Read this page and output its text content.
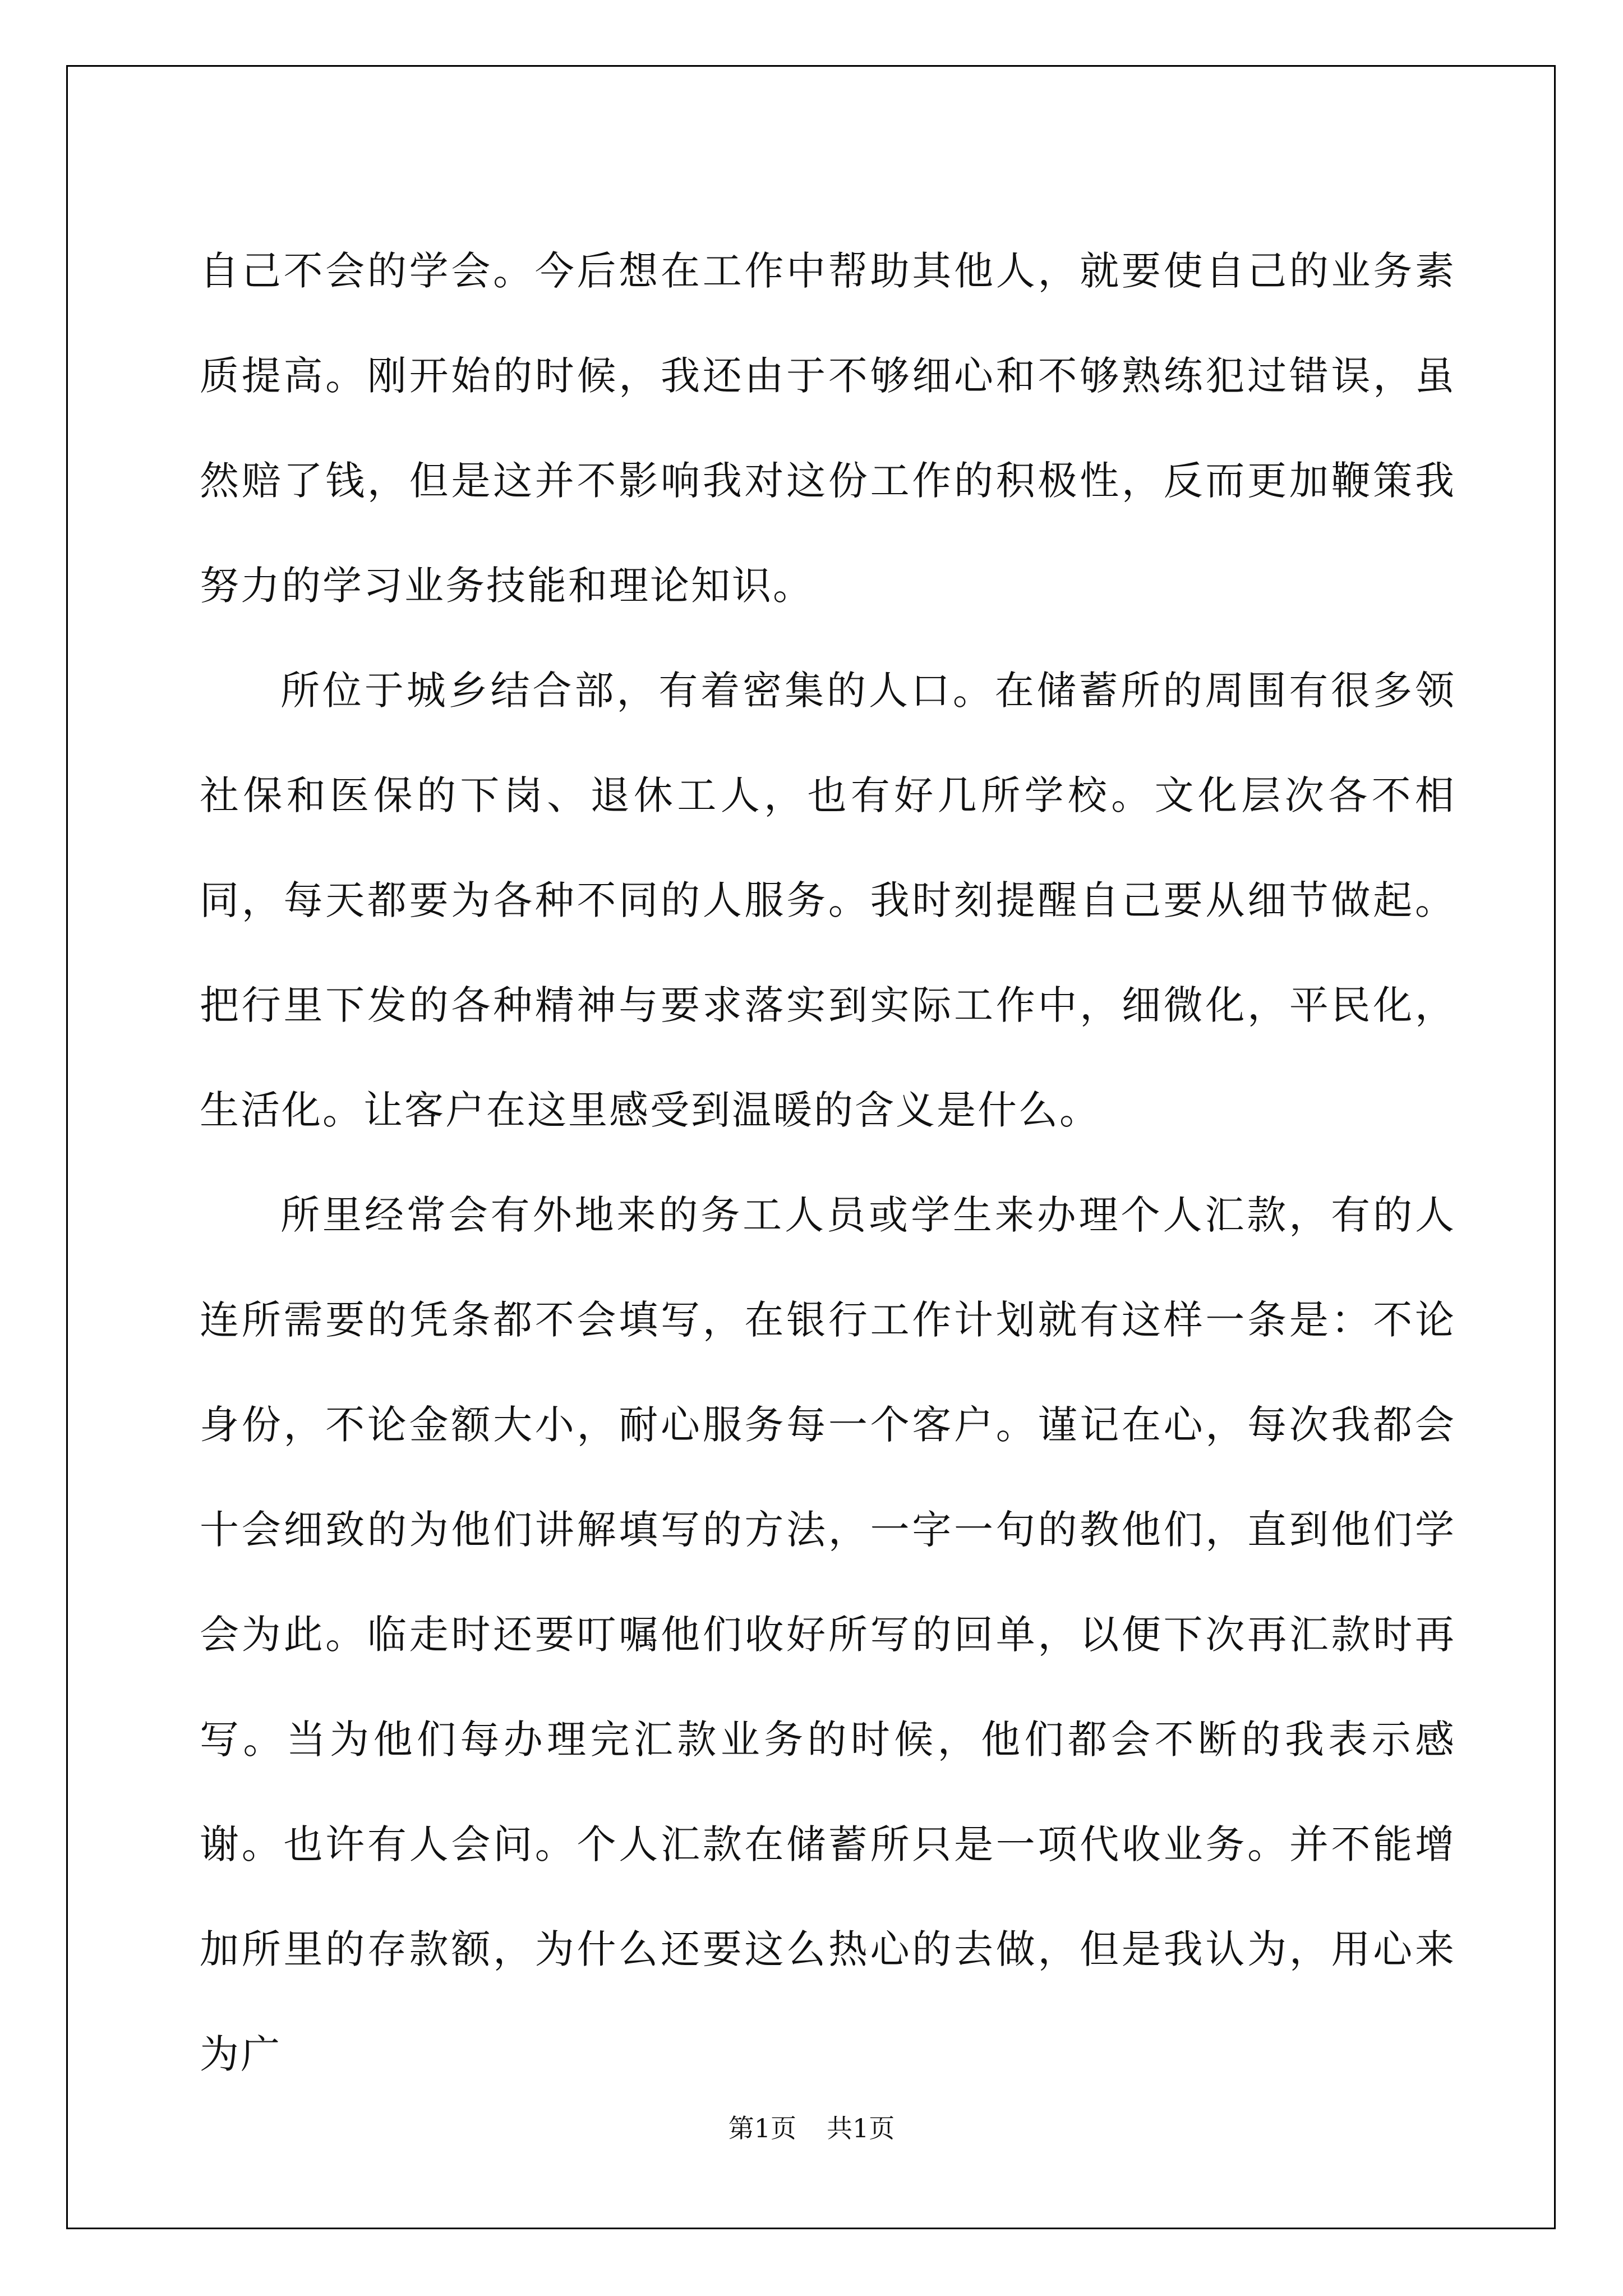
自己不会的学会。今后想在工作中帮助其他人，就要使自己的业务素质提高。刚开始的时候，我还由于不够细心和不够熟练犯过错误，虽然赔了钱，但是这并不影响我对这份工作的积极性，反而更加鞭策我努力的学习业务技能和理论知识。

所位于城乡结合部，有着密集的人口。在储蓄所的周围有很多领社保和医保的下岗、退休工人，也有好几所学校。文化层次各不相同，每天都要为各种不同的人服务。我时刻提醒自己要从细节做起。把行里下发的各种精神与要求落实到实际工作中，细微化，平民化，生活化。让客户在这里感受到温暖的含义是什么。

所里经常会有外地来的务工人员或学生来办理个人汇款，有的人连所需要的凭条都不会填写，在银行工作计划就有这样一条是：不论身份，不论金额大小，耐心服务每一个客户。谨记在心，每次我都会十会细致的为他们讲解填写的方法，一字一句的教他们，直到他们学会为此。临走时还要叮嘱他们收好所写的回单，以便下次再汇款时再写。当为他们每办理完汇款业务的时候，他们都会不断的我表示感谢。也许有人会问。个人汇款在储蓄所只是一项代收业务。并不能增加所里的存款额，为什么还要这么热心的去做，但是我认为，用心来为广

第1页 共1页
